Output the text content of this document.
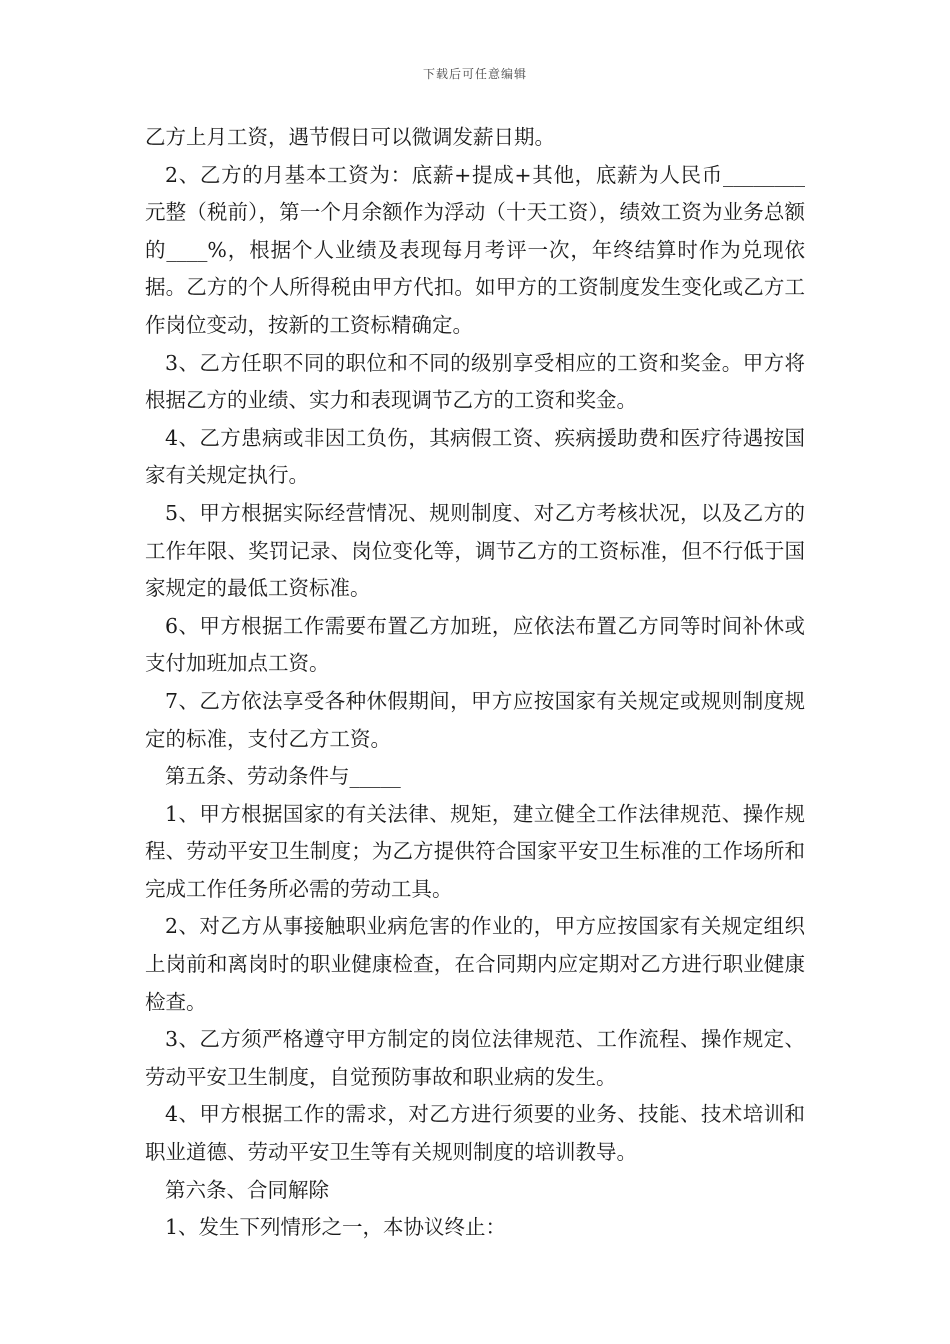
下载后可任意编辑

乙方上月工资，遇节假日可以微调发薪日期。

2、乙方的月基本工资为：底薪+提成+其他，底薪为人民币________元整（税前），第一个月余额作为浮动（十天工资），绩效工资为业务总额的____%，根据个人业绩及表现每月考评一次，年终结算时作为兑现依据。乙方的个人所得税由甲方代扣。如甲方的工资制度发生变化或乙方工作岗位变动，按新的工资标精确定。

3、乙方任职不同的职位和不同的级别享受相应的工资和奖金。甲方将根据乙方的业绩、实力和表现调节乙方的工资和奖金。

4、乙方患病或非因工负伤，其病假工资、疾病援助费和医疗待遇按国家有关规定执行。

5、甲方根据实际经营情况、规则制度、对乙方考核状况，以及乙方的工作年限、奖罚记录、岗位变化等，调节乙方的工资标准，但不行低于国家规定的最低工资标准。

6、甲方根据工作需要布置乙方加班，应依法布置乙方同等时间补休或支付加班加点工资。

7、乙方依法享受各种休假期间，甲方应按国家有关规定或规则制度规定的标准，支付乙方工资。

第五条、劳动条件与_____

1、甲方根据国家的有关法律、规矩，建立健全工作法律规范、操作规程、劳动平安卫生制度；为乙方提供符合国家平安卫生标准的工作场所和完成工作任务所必需的劳动工具。

2、对乙方从事接触职业病危害的作业的，甲方应按国家有关规定组织上岗前和离岗时的职业健康检查，在合同期内应定期对乙方进行职业健康检查。

3、乙方须严格遵守甲方制定的岗位法律规范、工作流程、操作规定、劳动平安卫生制度，自觉预防事故和职业病的发生。

4、甲方根据工作的需求，对乙方进行须要的业务、技能、技术培训和职业道德、劳动平安卫生等有关规则制度的培训教导。

第六条、合同解除

1、发生下列情形之一，本协议终止：
